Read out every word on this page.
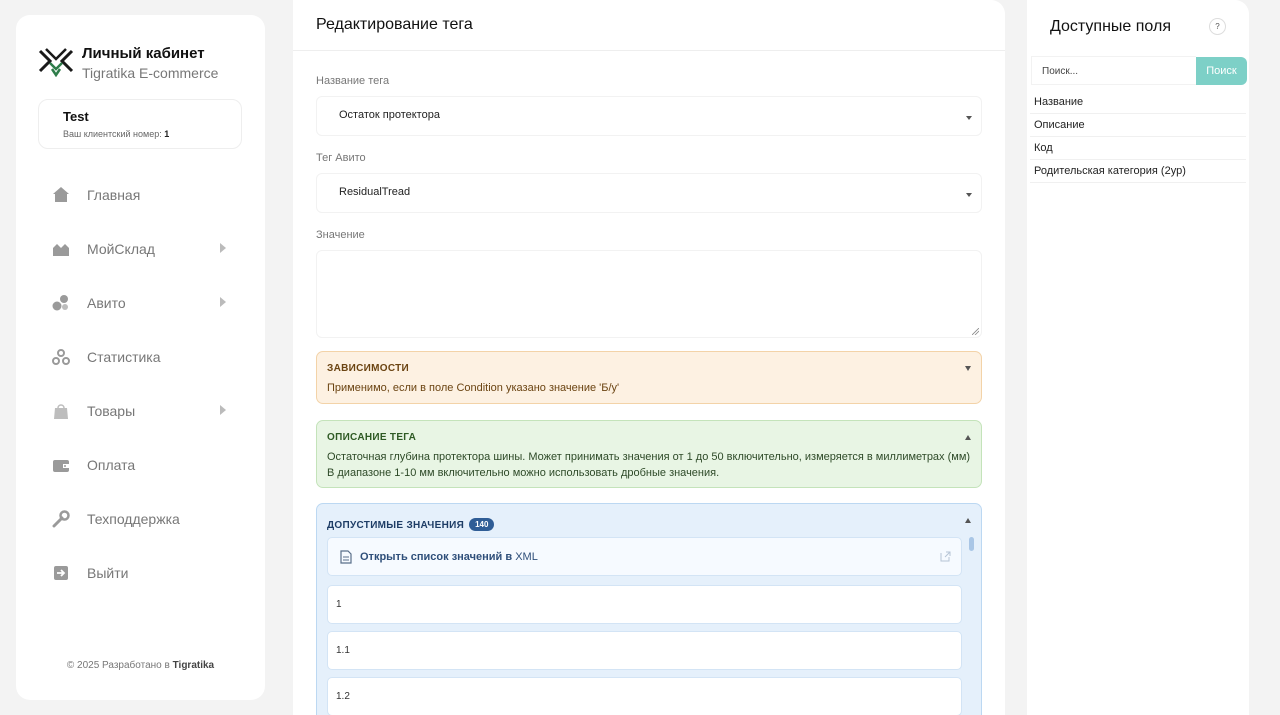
Личный кабинет
Tigratika E-commerce
Test
Ваш клиентский номер: 1
Главная
МойСклад
Авито
Статистика
Товары
Оплата
Техподдержка
Выйти
© 2025 Разработано в Tigratika
Редактирование тега
Название тега
Остаток протектора
Тег Авито
ResidualTread
Значение
ЗАВИСИМОСТИ
Применимо, если в поле Condition указано значение 'Б/у'
ОПИСАНИЕ ТЕГА
Остаточная глубина протектора шины. Может принимать значения от 1 до 50 включительно, измеряется в миллиметрах (мм) В диапазоне 1-10 мм включительно можно использовать дробные значения.
ДОПУСТИМЫЕ ЗНАЧЕНИЯ 140
Открыть список значений в XML
1
1.1
1.2
Доступные поля	?
Поиск...	Поиск
Название
Описание
Код
Родительская категория (2ур)
